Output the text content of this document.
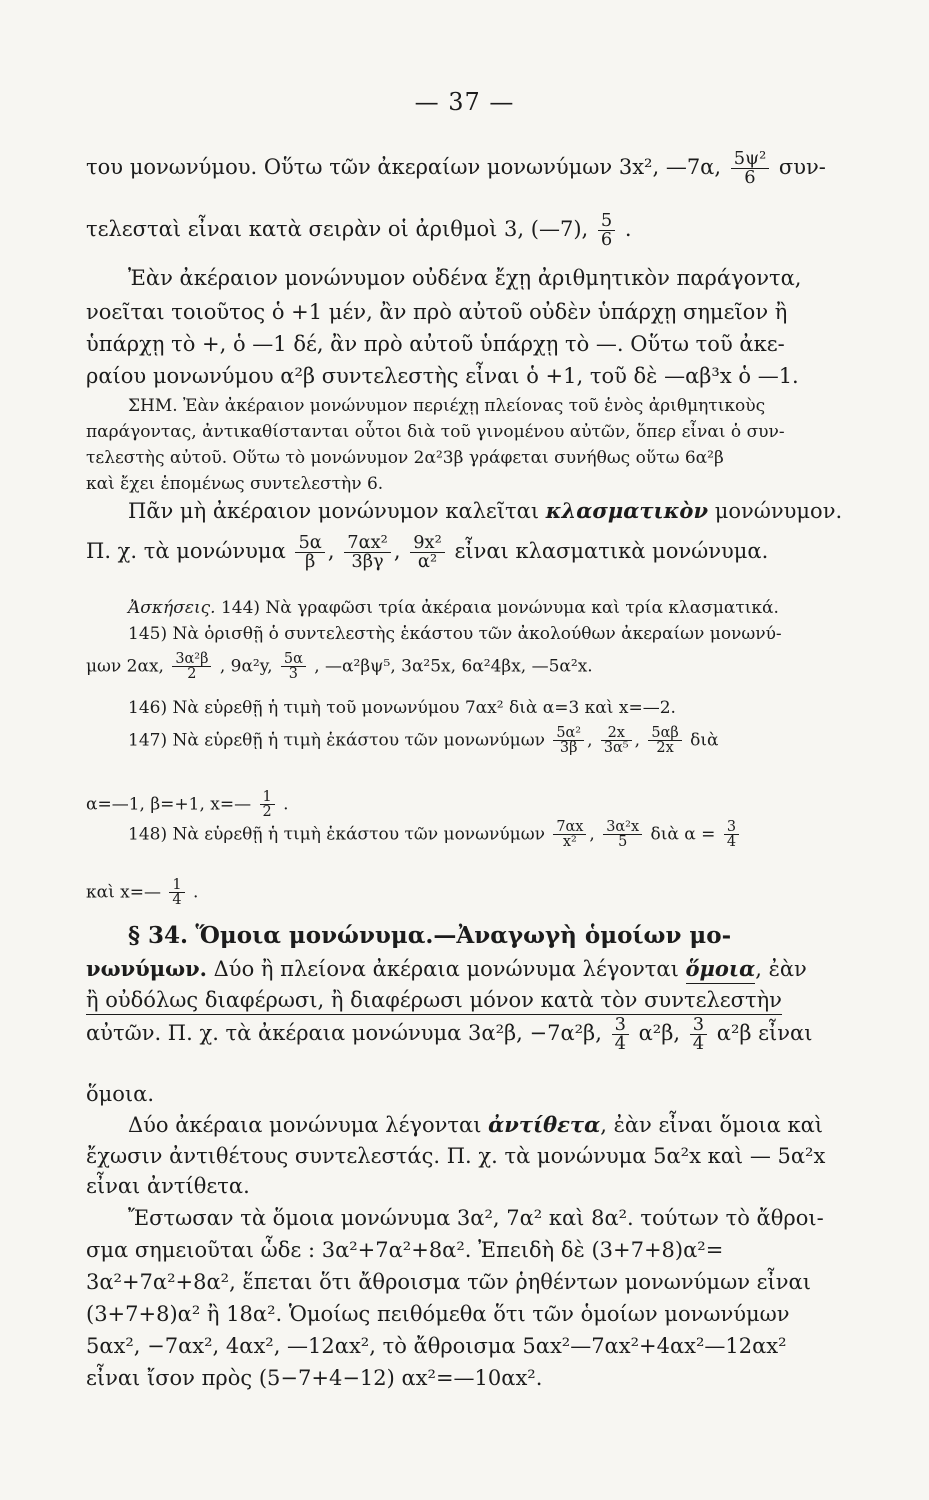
— 37 —
του μονωνύμου. Οὕτω τῶν ἀκεραίων μονωνύμων 3x², —7α, $\frac{\text{5ψ²}}{6} \sigma\upsilon\nu-$
τελεσταὶ εἶναι κατὰ σειρὰν οἱ ἀριθμοὶ 3, (—7), $\frac{5}{6}$ .
Ἐὰν ἀκέραιον μονώνυμον οὐδένα ἔχῃ ἀριθμητικὸν παράγοντα,
νοεῖται τοιοῦτος ὁ +1 μέν, ἂν πρὸ αὐτοῦ οὐδὲν ὑπάρχῃ σημεῖον ἢ
ὑπάρχῃ τὸ +, ὁ —1 δέ, ἂν πρὸ αὐτοῦ ὑπάρχῃ τὸ —. Οὕτω τοῦ ἀκε-
ραίου μονωνύμου α²β συντελεστὴς εἶναι ὁ +1, τοῦ δὲ —αβ³x ὁ —1.
ΣΗΜ. Ἐὰν ἀκέραιον μονώνυμον περιέχῃ πλείονας τοῦ ἑνὸς ἀριθμητικοὺς
παράγοντας, ἀντικαθίστανται οὗτοι διὰ τοῦ γινομένου αὐτῶν, ὅπερ εἶναι ὁ συν-
τελεστὴς αὐτοῦ. Οὕτω τὸ μονώνυμον 2α²3β γράφεται συνήθως οὕτω 6α²β
καὶ ἔχει ἑπομένως συντελεστὴν 6.
Πᾶν μὴ ἀκέραιον μονώνυμον καλεῖται κλασματικὸν μονώνυμον.
Π. χ. τὰ μονώνυμα $\frac{5\alpha}{\beta}$ , $\frac{\text{7αx²}}{3\beta\gamma}$ , $\frac{\text{9x²}}{\text{α²}}$ εἶναι κλασματικὰ μονώνυμα.
Ἀσκήσεις. 144) Νὰ γραφῶσι τρία ἀκέραια μονώνυμα καὶ τρία κλασματικά.
145) Νὰ ὁρισθῇ ὁ συντελεστὴς ἑκάστου τῶν ἀκολούθων ἀκεραίων μονωνύ-
μων 2αx, $\frac{\text{3α²β}}{2}$ , 9α²y, $\frac{5\alpha}{3}$ , —α²βψ⁵, 3α²5x, 6α²4βx, —5α²x.
146) Νὰ εὑρεθῇ ἡ τιμὴ τοῦ μονωνύμου 7αx² διὰ α=3 καὶ x=—2.
147) Νὰ εὑρεθῇ ἡ τιμὴ ἑκάστου τῶν μονωνύμων $\frac{\text{5α²}}{3\beta}$ , $\frac{2x}{\text{3α⁵}}$ , $\frac{5\alpha\beta}{2x}$ διὰ
α=—1, β=+1, x=— $\frac{1}{2}$ .
148) Νὰ εὑρεθῇ ἡ τιμὴ ἑκάστου τῶν μονωνύμων $\frac{7\alpha x}{\text{x²}}$ , $\frac{\text{3α²x}}{5}$ διὰ $\alpha = \frac{3}{4}$
καὶ x=— $\frac{1}{4}$ .
§ 34. Ὅμοια μονώνυμα.—Ἀναγωγὴ ὁμοίων μο-
νωνύμων. Δύο ἢ πλείονα ἀκέραια μονώνυμα λέγονται ὅμοια, ἐὰν
ἢ οὐδόλως διαφέρωσι, ἢ διαφέρωσι μόνον κατὰ τὸν συντελεστὴν
αὐτῶν. Π. χ. τὰ ἀκέραια μονώνυμα 3α²β, −7α²β, $\frac{3}{4} \alpha^2\beta$, $\frac{3}{4} \alpha^2\beta$ εἶναι
ὅμοια.
Δύο ἀκέραια μονώνυμα λέγονται ἀντίθετα, ἐὰν εἶναι ὅμοια καὶ
ἔχωσιν ἀντιθέτους συντελεστάς. Π. χ. τὰ μονώνυμα 5α²x καὶ — 5α²x
εἶναι ἀντίθετα.
Ἔστωσαν τὰ ὅμοια μονώνυμα 3α², 7α² καὶ 8α². τούτων τὸ ἄθροι-
σμα σημειοῦται ὧδε : 3α²+7α²+8α². Ἐπειδὴ δὲ (3+7+8)α²=
3α²+7α²+8α², ἕπεται ὅτι ἄθροισμα τῶν ῥηθέντων μονωνύμων εἶναι
(3+7+8)α² ἢ 18α². Ὁμοίως πειθόμεθα ὅτι τῶν ὁμοίων μονωνύμων
5αx², −7αx², 4αx², —12αx², τὸ ἄθροισμα 5αx²—7αx²+4αx²—12αx²
εἶναι ἴσον πρὸς (5−7+4−12) αx²=—10αx².
